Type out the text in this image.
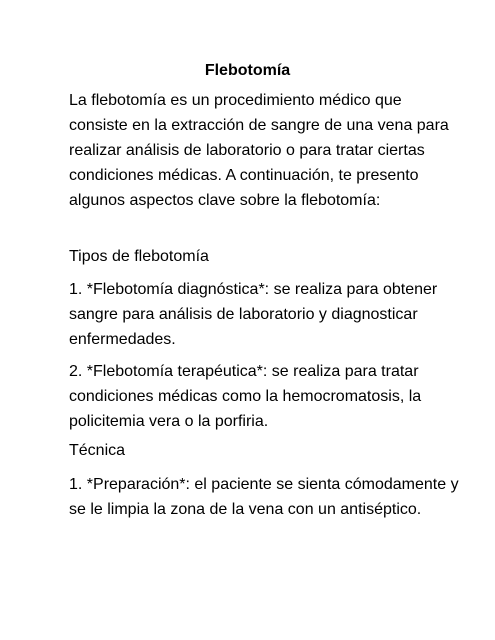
Flebotomía

La flebotomía es un procedimiento médico que consiste en la extracción de sangre de una vena para realizar análisis de laboratorio o para tratar ciertas condiciones médicas. A continuación, te presento algunos aspectos clave sobre la flebotomía:

Tipos de flebotomía

1. *Flebotomía diagnóstica*: se realiza para obtener sangre para análisis de laboratorio y diagnosticar enfermedades.

2. *Flebotomía terapéutica*: se realiza para tratar condiciones médicas como la hemocromatosis, la policitemia vera o la porfiria.

Técnica

1. *Preparación*: el paciente se sienta cómodamente y se le limpia la zona de la vena con un antiséptico.
